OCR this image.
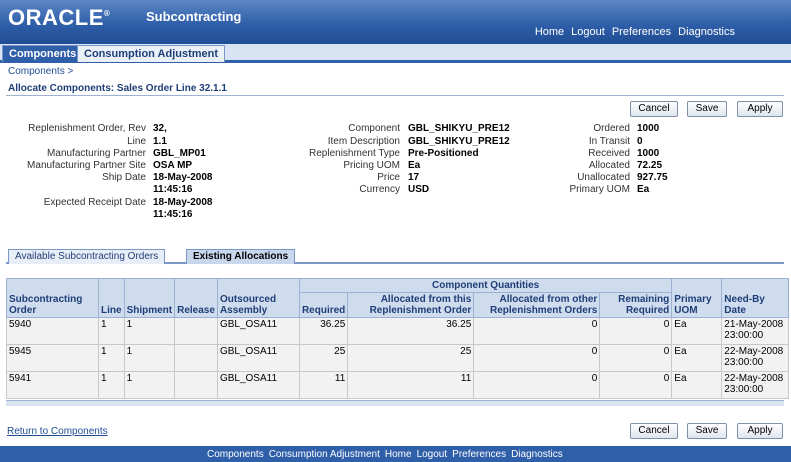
ORACLE®	Subcontracting
Home Logout Preferences Diagnostics
Components Consumption Adjustment
Components >
Allocate Components: Sales Order Line 32.1.1
Cancel	Save	Apply
Replenishment Order, Rev 32,
Line 1.1
Manufacturing Partner GBL_MP01
Manufacturing Partner Site OSA MP
Ship Date 18-May-2008
11:45:16
Expected Receipt Date 18-May-2008
11:45:16
Component GBL_SHIKYU_PRE12
Item Description GBL_SHIKYU_PRE12
Replenishment Type Pre-Positioned
Pricing UOM Ea
Price 17
Currency USD
Ordered 1000
In Transit 0
Received 1000
Allocated 72.25
Unallocated 927.75
Primary UOM Ea
Available Subcontracting Orders	Existing Allocations
Subcontracting Order	Line	Shipment	Release	Outsourced Assembly	Component Quantities				Primary UOM	Need-By Date
					Required	Allocated from this Replenishment Order	Allocated from other Replenishment Orders	Remaining Required		
5940	1	1		GBL_OSA11	36.25	36.25	0	0	Ea	21-May-2008
23:00:00

5945	1	1		GBL_OSA11	25	25	0	0	Ea	22-May-2008
23:00:00

5941	1	1		GBL_OSA11	11	11	0	0	Ea	22-May-2008
23:00:00
Return to Components	Cancel	Save	Apply
Components Consumption Adjustment Home Logout Preferences Diagnostics
